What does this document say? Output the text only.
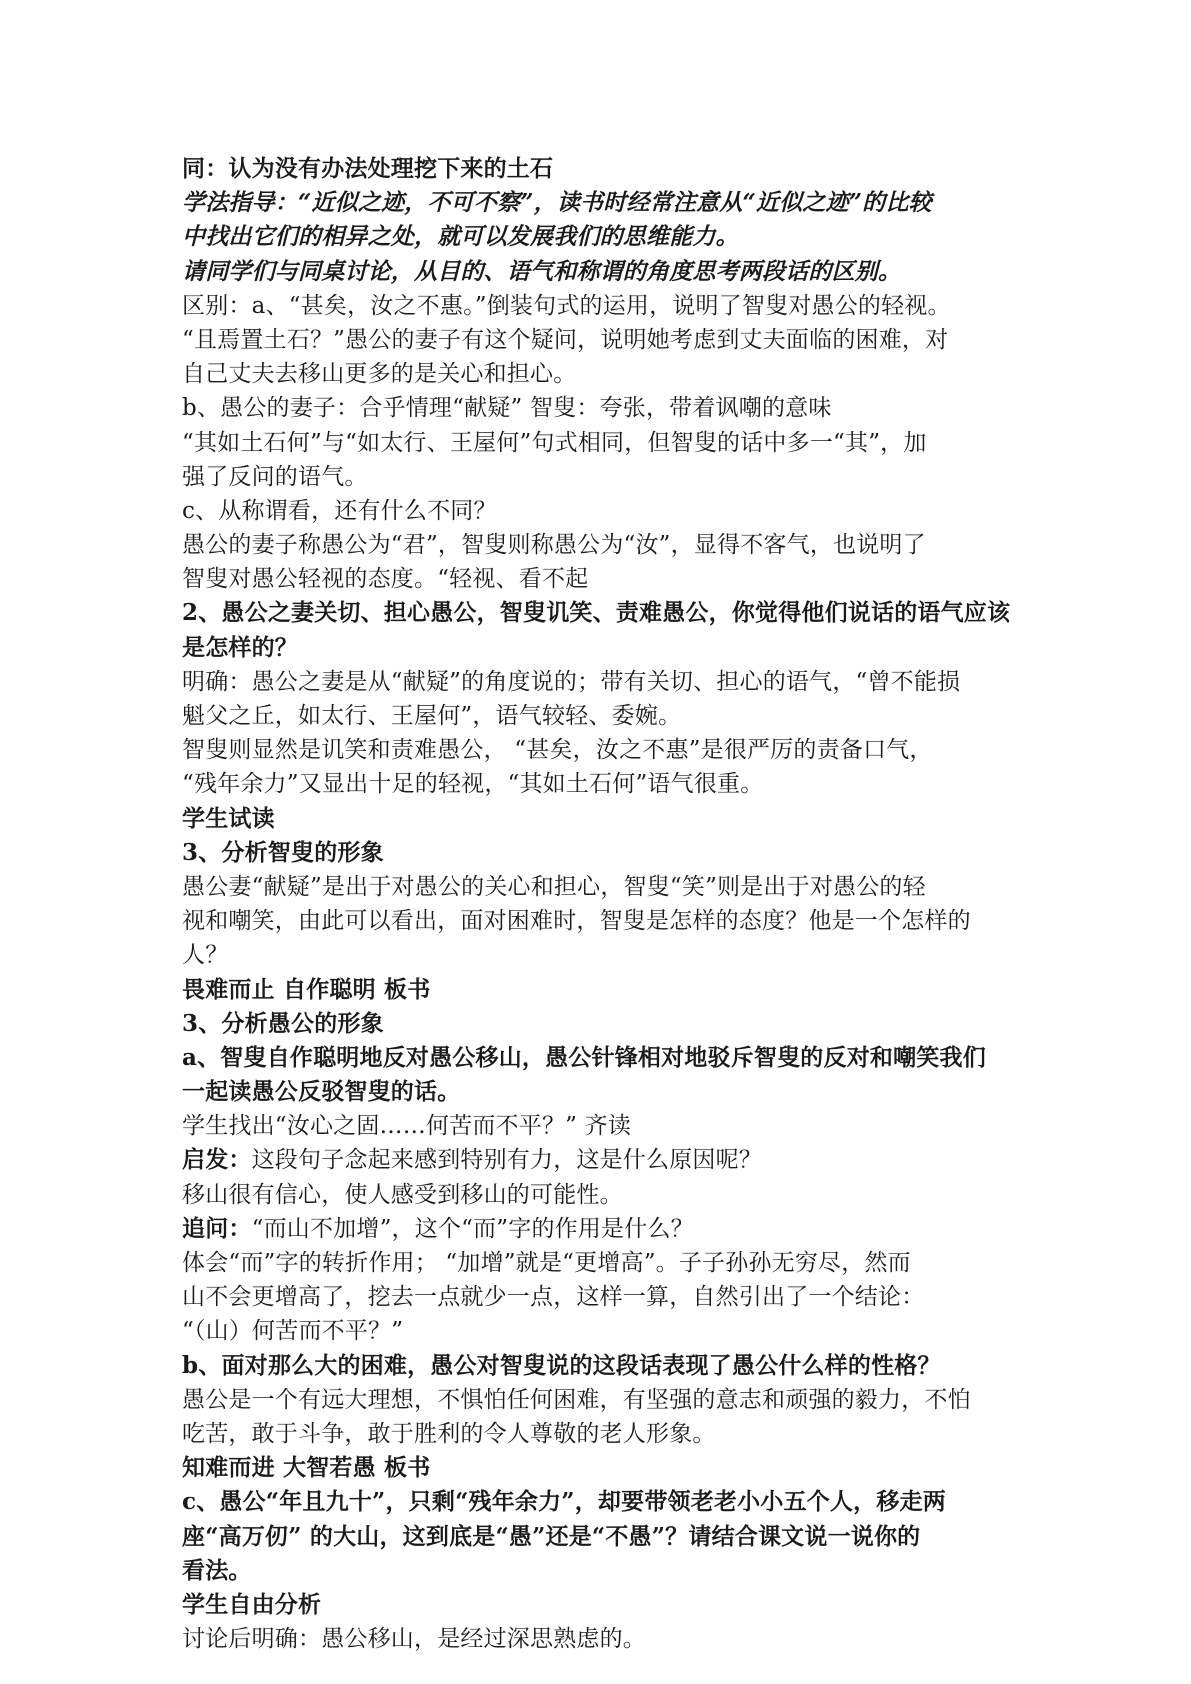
同：认为没有办法处理挖下来的土石
学法指导：“近似之迹，不可不察”，读书时经常注意从“近似之迹”的比较
中找出它们的相异之处，就可以发展我们的思维能力。
请同学们与同桌讨论，从目的、语气和称谓的角度思考两段话的区别。
区别：a、“甚矣，汝之不惠。”倒装句式的运用，说明了智叟对愚公的轻视。
“且焉置土石？”愚公的妻子有这个疑问，说明她考虑到丈夫面临的困难，对
自己丈夫去移山更多的是关心和担心。
b、愚公的妻子：合乎情理“献疑” 智叟：夸张，带着讽嘲的意味
“其如土石何”与“如太行、王屋何”句式相同，但智叟的话中多一“其”，加
强了反问的语气。
c、从称谓看，还有什么不同？
愚公的妻子称愚公为“君”，智叟则称愚公为“汝”，显得不客气，也说明了
智叟对愚公轻视的态度。“轻视、看不起
2、愚公之妻关切、担心愚公，智叟讥笑、责难愚公，你觉得他们说话的语气应该
是怎样的？
明确：愚公之妻是从“献疑”的角度说的；带有关切、担心的语气，“曾不能损
魁父之丘，如太行、王屋何”，语气较轻、委婉。
智叟则显然是讥笑和责难愚公， “甚矣，汝之不惠”是很严厉的责备口气，
“残年余力”又显出十足的轻视，“其如土石何”语气很重。
学生试读
3、分析智叟的形象
愚公妻“献疑”是出于对愚公的关心和担心，智叟“笑”则是出于对愚公的轻
视和嘲笑，由此可以看出，面对困难时，智叟是怎样的态度？他是一个怎样的
人？
畏难而止 自作聪明 板书
3、分析愚公的形象
a、智叟自作聪明地反对愚公移山，愚公针锋相对地驳斥智叟的反对和嘲笑我们
一起读愚公反驳智叟的话。
学生找出“汝心之固……何苦而不平？” 齐读
启发：这段句子念起来感到特别有力，这是什么原因呢？
移山很有信心，使人感受到移山的可能性。
追问：“而山不加增”，这个“而”字的作用是什么？
体会“而”字的转折作用； “加增”就是“更增高”。子子孙孙无穷尽，然而
山不会更增高了，挖去一点就少一点，这样一算，自然引出了一个结论：
“（山）何苦而不平？”
b、面对那么大的困难，愚公对智叟说的这段话表现了愚公什么样的性格？
愚公是一个有远大理想，不惧怕任何困难，有坚强的意志和顽强的毅力，不怕
吃苦，敢于斗争，敢于胜利的令人尊敬的老人形象。
知难而进 大智若愚 板书
c、愚公“年且九十”，只剩“残年余力”，却要带领老老小小五个人，移走两
座“高万仞” 的大山，这到底是“愚”还是“不愚”？请结合课文说一说你的
看法。
学生自由分析
讨论后明确：愚公移山，是经过深思熟虑的。
